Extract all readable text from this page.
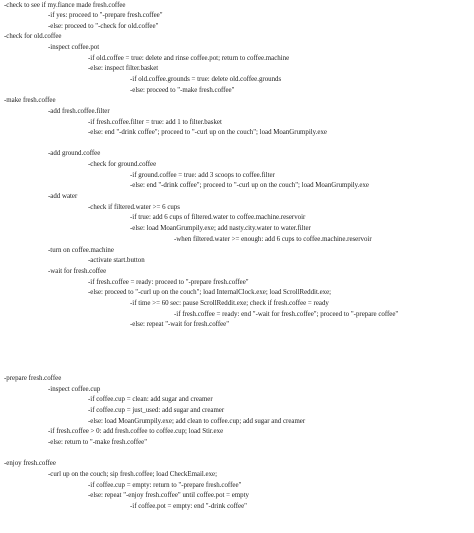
-check to see if my.fiance made fresh.coffee
-if yes: proceed to "-prepare fresh.coffee"
-else: proceed to "-check for old.coffee"
-check for old.coffee
-inspect coffee.pot
-if old.coffee = true: delete and rinse coffee.pot; return to coffee.machine
-else: inspect filter.basket
-if old.coffee.grounds = true: delete old.coffee.grounds
-else: proceed to "-make fresh.coffee"
-make fresh.coffee
-add fresh.coffee.filter
-if fresh.coffee.filter = true: add 1 to filter.basket
-else: end "-drink coffee"; proceed to "-curl up on the couch"; load MoanGrumpily.exe
-add ground.coffee
-check for ground.coffee
-if ground.coffee = true: add 3 scoops to coffee.filter
-else: end "-drink coffee"; proceed to "-curl up on the couch"; load MoanGrumpily.exe
-add water
-check if filtered.water >= 6 cups
-if true: add 6 cups of filtered.water to coffee.machine.reservoir
-else: load MoanGrumpily.exe; add nasty.city.water to water.filter
-when filtered.water >= enough: add 6 cups to coffee.machine.reservoir
-turn on coffee.machine
-activate start.button
-wait for fresh.coffee
-if fresh.coffee = ready: proceed to "-prepare fresh.coffee"
-else: proceed to "-curl up on the couch"; load InternalClock.exe; load ScrollReddit.exe;
-if time >= 60 sec: pause ScrollReddit.exe; check if fresh.coffee = ready
-if fresh.coffee = ready: end "-wait for fresh.coffee"; proceed to "-prepare coffee"
-else: repeat "-wait for fresh.coffee"
-prepare fresh.coffee
-inspect coffee.cup
-if coffee.cup = clean: add sugar and creamer
-if coffee.cup = just_used: add sugar and creamer
-else: load MoanGrumpily.exe; add clean to coffee.cup; add sugar and creamer
-if fresh.coffee > 0: add fresh.coffee to coffee.cup; load Stir.exe
-else: return to "-make fresh.coffee"
-enjoy fresh.coffee
-curl up on the couch; sip fresh.coffee; load CheckEmail.exe;
-if coffee.cup = empty: return to "-prepare fresh.coffee"
-else: repeat "-enjoy fresh.coffee" until coffee.pot = empty
-if coffee.pot = empty: end "-drink coffee"
